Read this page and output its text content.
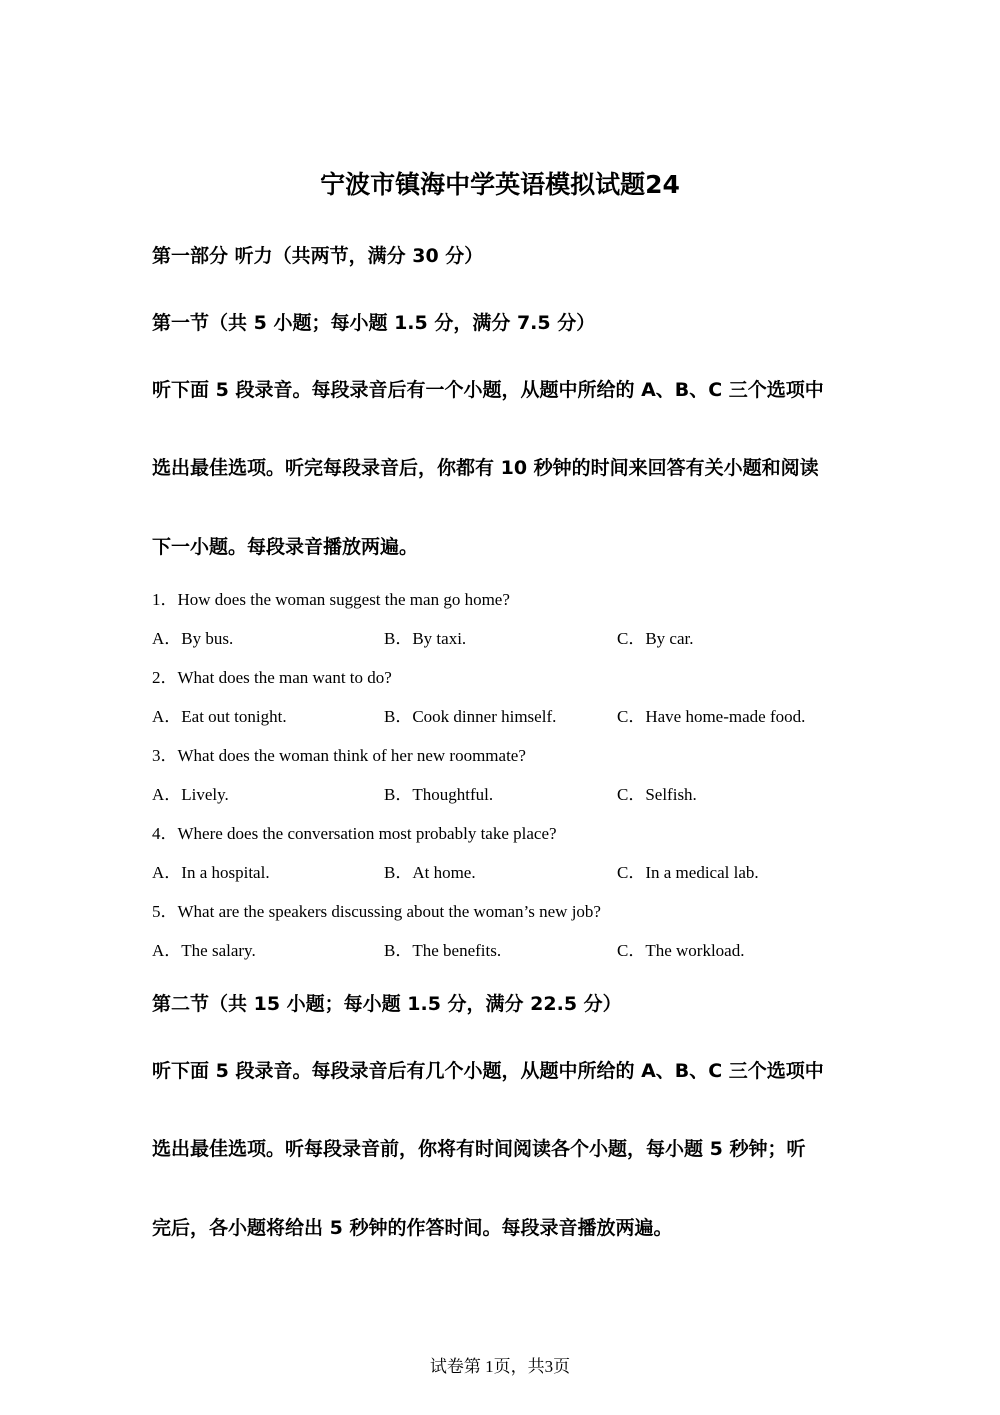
宁波市镇海中学英语模拟试题24
第一部分 听力（共两节，满分 30 分）
第一节（共 5 小题；每小题 1.5 分，满分 7.5 分）
听下面 5 段录音。每段录音后有一个小题，从题中所给的 A、B、C 三个选项中
选出最佳选项。听完每段录音后，你都有 10 秒钟的时间来回答有关小题和阅读
下一小题。每段录音播放两遍。
1．How does the woman suggest the man go home?
A．By bus.	B．By taxi.	C．By car.
2．What does the man want to do?
A．Eat out tonight.	B．Cook dinner himself.	C．Have home-made food.
3．What does the woman think of her new roommate?
A．Lively.	B．Thoughtful.	C．Selfish.
4．Where does the conversation most probably take place?
A．In a hospital.	B．At home.	C．In a medical lab.
5．What are the speakers discussing about the woman’s new job?
A．The salary.	B．The benefits.	C．The workload.
第二节（共 15 小题；每小题 1.5 分，满分 22.5 分）
听下面 5 段录音。每段录音后有几个小题，从题中所给的 A、B、C 三个选项中
选出最佳选项。听每段录音前，你将有时间阅读各个小题，每小题 5 秒钟；听
完后，各小题将给出 5 秒钟的作答时间。每段录音播放两遍。
试卷第 1页，共3页
